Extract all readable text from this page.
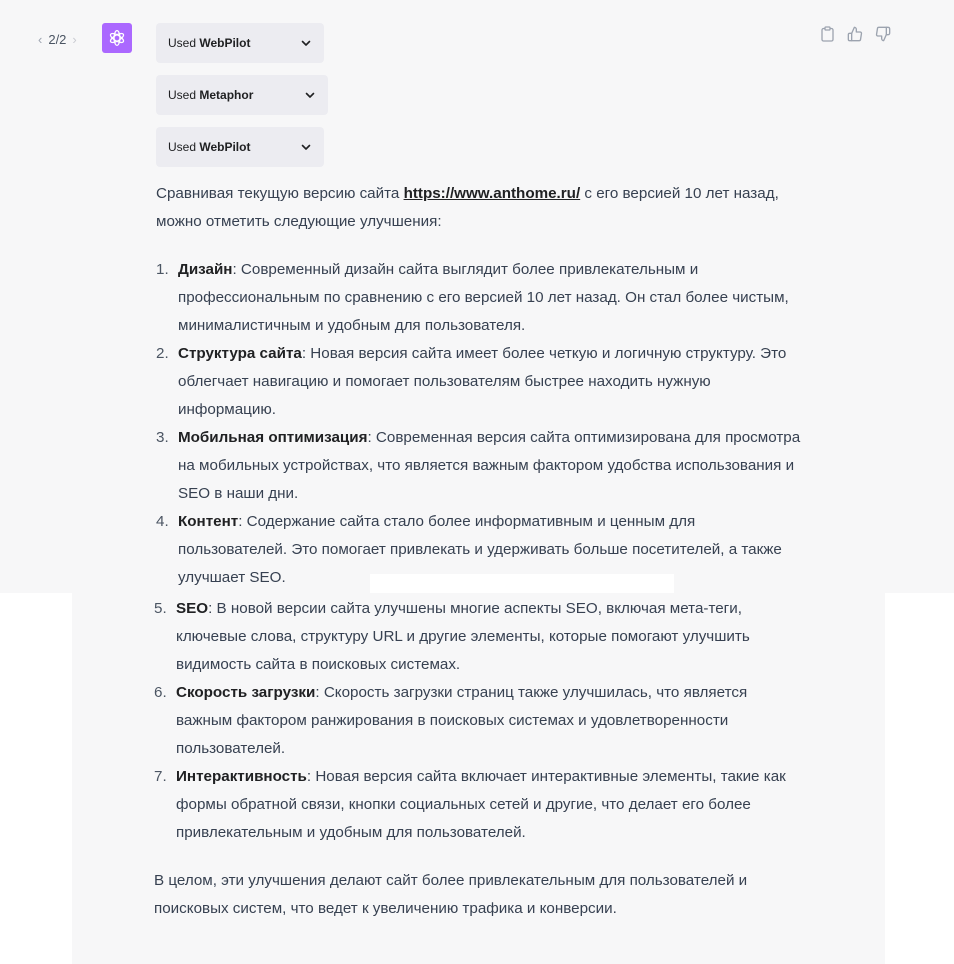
‹ 2/2 ›	Used WebPilot
Used Metaphor
Used WebPilot
Сравнивая текущую версию сайта https://www.anthome.ru/ с его версией 10 лет назад, можно отметить следующие улучшения:
1. Дизайн: Современный дизайн сайта выглядит более привлекательным и профессиональным по сравнению с его версией 10 лет назад. Он стал более чистым, минималистичным и удобным для пользователя.
2. Структура сайта: Новая версия сайта имеет более четкую и логичную структуру. Это облегчает навигацию и помогает пользователям быстрее находить нужную информацию.
3. Мобильная оптимизация: Современная версия сайта оптимизирована для просмотра на мобильных устройствах, что является важным фактором удобства использования и SEO в наши дни.
4. Контент: Содержание сайта стало более информативным и ценным для пользователей. Это помогает привлекать и удерживать больше посетителей, а также улучшает SEO.
5. SEO: В новой версии сайта улучшены многие аспекты SEO, включая мета-теги, ключевые слова, структуру URL и другие элементы, которые помогают улучшить видимость сайта в поисковых системах.
6. Скорость загрузки: Скорость загрузки страниц также улучшилась, что является важным фактором ранжирования в поисковых системах и удовлетворенности пользователей.
7. Интерактивность: Новая версия сайта включает интерактивные элементы, такие как формы обратной связи, кнопки социальных сетей и другие, что делает его более привлекательным и удобным для пользователей.
В целом, эти улучшения делают сайт более привлекательным для пользователей и поисковых систем, что ведет к увеличению трафика и конверсии.
